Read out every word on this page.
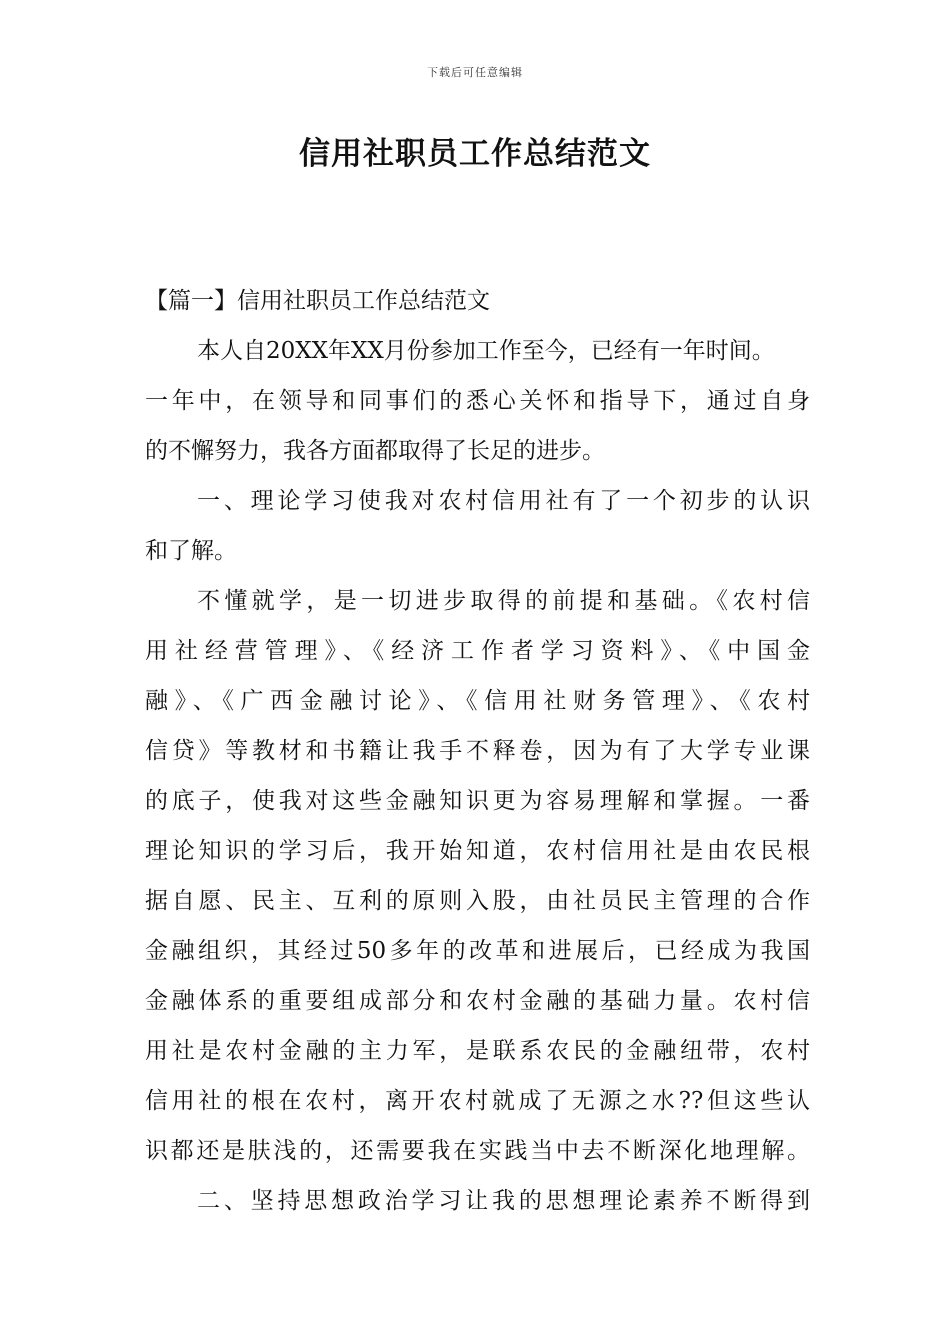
下载后可任意编辑
信用社职员工作总结范文
【篇一】信用社职员工作总结范文
本人自20XX年XX月份参加工作至今，已经有一年时间。
一年中，在领导和同事们的悉心关怀和指导下，通过自身
的不懈努力，我各方面都取得了长足的进步。
一、理论学习使我对农村信用社有了一个初步的认识
和了解。
不懂就学，是一切进步取得的前提和基础。《农村信
用社经营管理》、《经济工作者学习资料》、《中国金
融》、《广西金融讨论》、《信用社财务管理》、《农村
信贷》等教材和书籍让我手不释卷，因为有了大学专业课
的底子，使我对这些金融知识更为容易理解和掌握。一番
理论知识的学习后，我开始知道，农村信用社是由农民根
据自愿、民主、互利的原则入股，由社员民主管理的合作
金融组织，其经过50多年的改革和进展后，已经成为我国
金融体系的重要组成部分和农村金融的基础力量。农村信
用社是农村金融的主力军，是联系农民的金融纽带，农村
信用社的根在农村，离开农村就成了无源之水??但这些认
识都还是肤浅的，还需要我在实践当中去不断深化地理解。
二、坚持思想政治学习让我的思想理论素养不断得到
